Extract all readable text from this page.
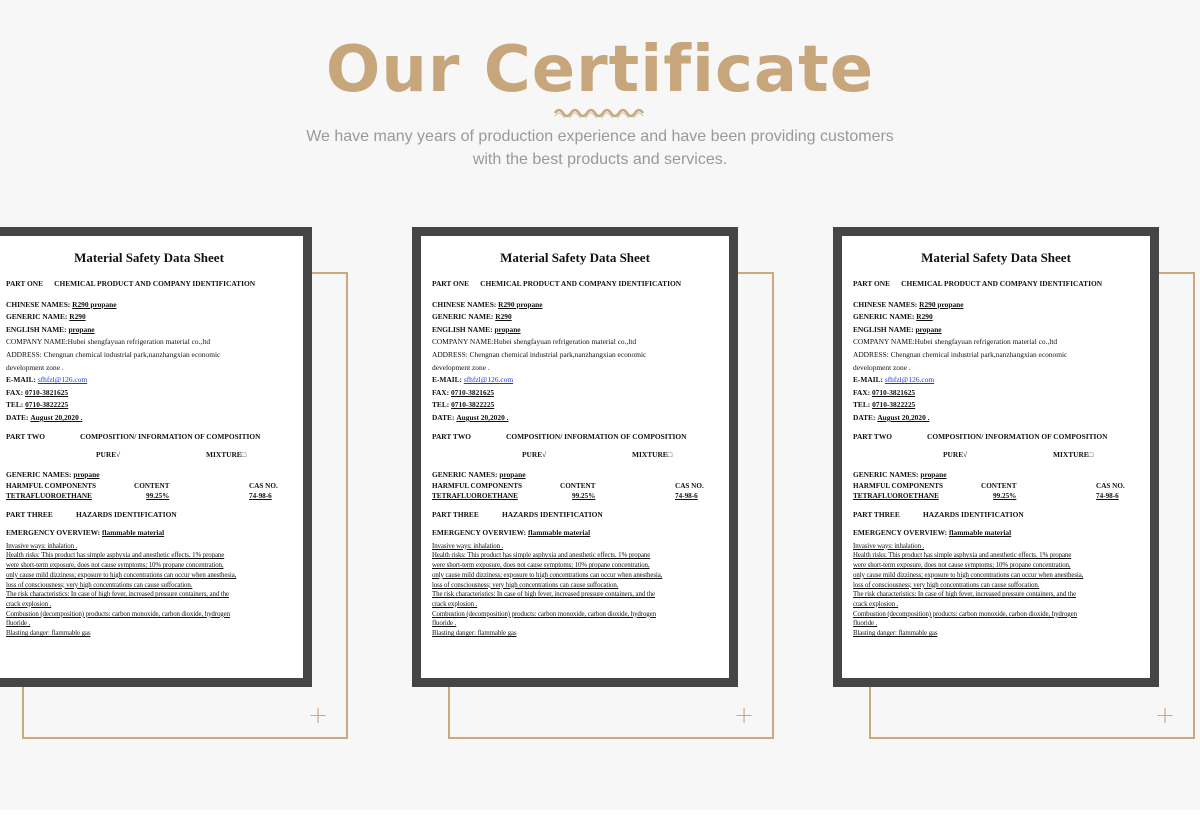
Our Certificate
We have many years of production experience and have been providing customers
with the best products and services.
+
Material Safety Data Sheet
PART ONE CHEMICAL PRODUCT AND COMPANY IDENTIFICATION
CHINESE NAMES: R290 propane
GENERIC NAME: R290
ENGLISH NAME: propane
COMPANY NAME:Hubei shengfayuan refrigeration material co.,ltd
ADDRESS: Chengnan chemical industrial park,nanzhangxian economic
development zone .
E-MAIL: sfhfzl@126.com
FAX: 0710-3821625
TEL: 0710-3822225
DATE: August 20,2020 .
PART TWO	COMPOSITION/ INFORMATION OF COMPOSITION
PURE√	MIXTURE□
GENERIC NAMES: propane
HARMFUL COMPONENTS	CONTENT	CAS NO.
TETRAFLUOROETHANE	99.25%	74-98-6
PART THREE	HAZARDS IDENTIFICATION
EMERGENCY OVERVIEW: flammable material
Invasive ways: inhalation .
Health risks: This product has simple asphyxia and anesthetic effects. 1% propane
were short-term exposure, does not cause symptoms; 10% propane concentration,
only cause mild dizziness; exposure to high concentrations can occur when anesthesia,
loss of consciousness; very high concentrations can cause suffocation.
The risk characteristics: In case of high fever, increased pressure containers, and the
crack explosion .
Combustion (decomposition) products: carbon monoxide, carbon dioxide, hydrogen
fluoride .
Blasting danger: flammable gas
+
Material Safety Data Sheet
PART ONE CHEMICAL PRODUCT AND COMPANY IDENTIFICATION
CHINESE NAMES: R290 propane
GENERIC NAME: R290
ENGLISH NAME: propane
COMPANY NAME:Hubei shengfayuan refrigeration material co.,ltd
ADDRESS: Chengnan chemical industrial park,nanzhangxian economic
development zone .
E-MAIL: sfhfzl@126.com
FAX: 0710-3821625
TEL: 0710-3822225
DATE: August 20,2020 .
PART TWO	COMPOSITION/ INFORMATION OF COMPOSITION
PURE√	MIXTURE□
GENERIC NAMES: propane
HARMFUL COMPONENTS	CONTENT	CAS NO.
TETRAFLUOROETHANE	99.25%	74-98-6
PART THREE	HAZARDS IDENTIFICATION
EMERGENCY OVERVIEW: flammable material
Invasive ways: inhalation .
Health risks: This product has simple asphyxia and anesthetic effects. 1% propane
were short-term exposure, does not cause symptoms; 10% propane concentration,
only cause mild dizziness; exposure to high concentrations can occur when anesthesia,
loss of consciousness; very high concentrations can cause suffocation.
The risk characteristics: In case of high fever, increased pressure containers, and the
crack explosion .
Combustion (decomposition) products: carbon monoxide, carbon dioxide, hydrogen
fluoride .
Blasting danger: flammable gas
+
Material Safety Data Sheet
PART ONE CHEMICAL PRODUCT AND COMPANY IDENTIFICATION
CHINESE NAMES: R290 propane
GENERIC NAME: R290
ENGLISH NAME: propane
COMPANY NAME:Hubei shengfayuan refrigeration material co.,ltd
ADDRESS: Chengnan chemical industrial park,nanzhangxian economic
development zone .
E-MAIL: sfhfzl@126.com
FAX: 0710-3821625
TEL: 0710-3822225
DATE: August 20,2020 .
PART TWO	COMPOSITION/ INFORMATION OF COMPOSITION
PURE√	MIXTURE□
GENERIC NAMES: propane
HARMFUL COMPONENTS	CONTENT	CAS NO.
TETRAFLUOROETHANE	99.25%	74-98-6
PART THREE	HAZARDS IDENTIFICATION
EMERGENCY OVERVIEW: flammable material
Invasive ways: inhalation .
Health risks: This product has simple asphyxia and anesthetic effects. 1% propane
were short-term exposure, does not cause symptoms; 10% propane concentration,
only cause mild dizziness; exposure to high concentrations can occur when anesthesia,
loss of consciousness; very high concentrations can cause suffocation.
The risk characteristics: In case of high fever, increased pressure containers, and the
crack explosion .
Combustion (decomposition) products: carbon monoxide, carbon dioxide, hydrogen
fluoride .
Blasting danger: flammable gas
